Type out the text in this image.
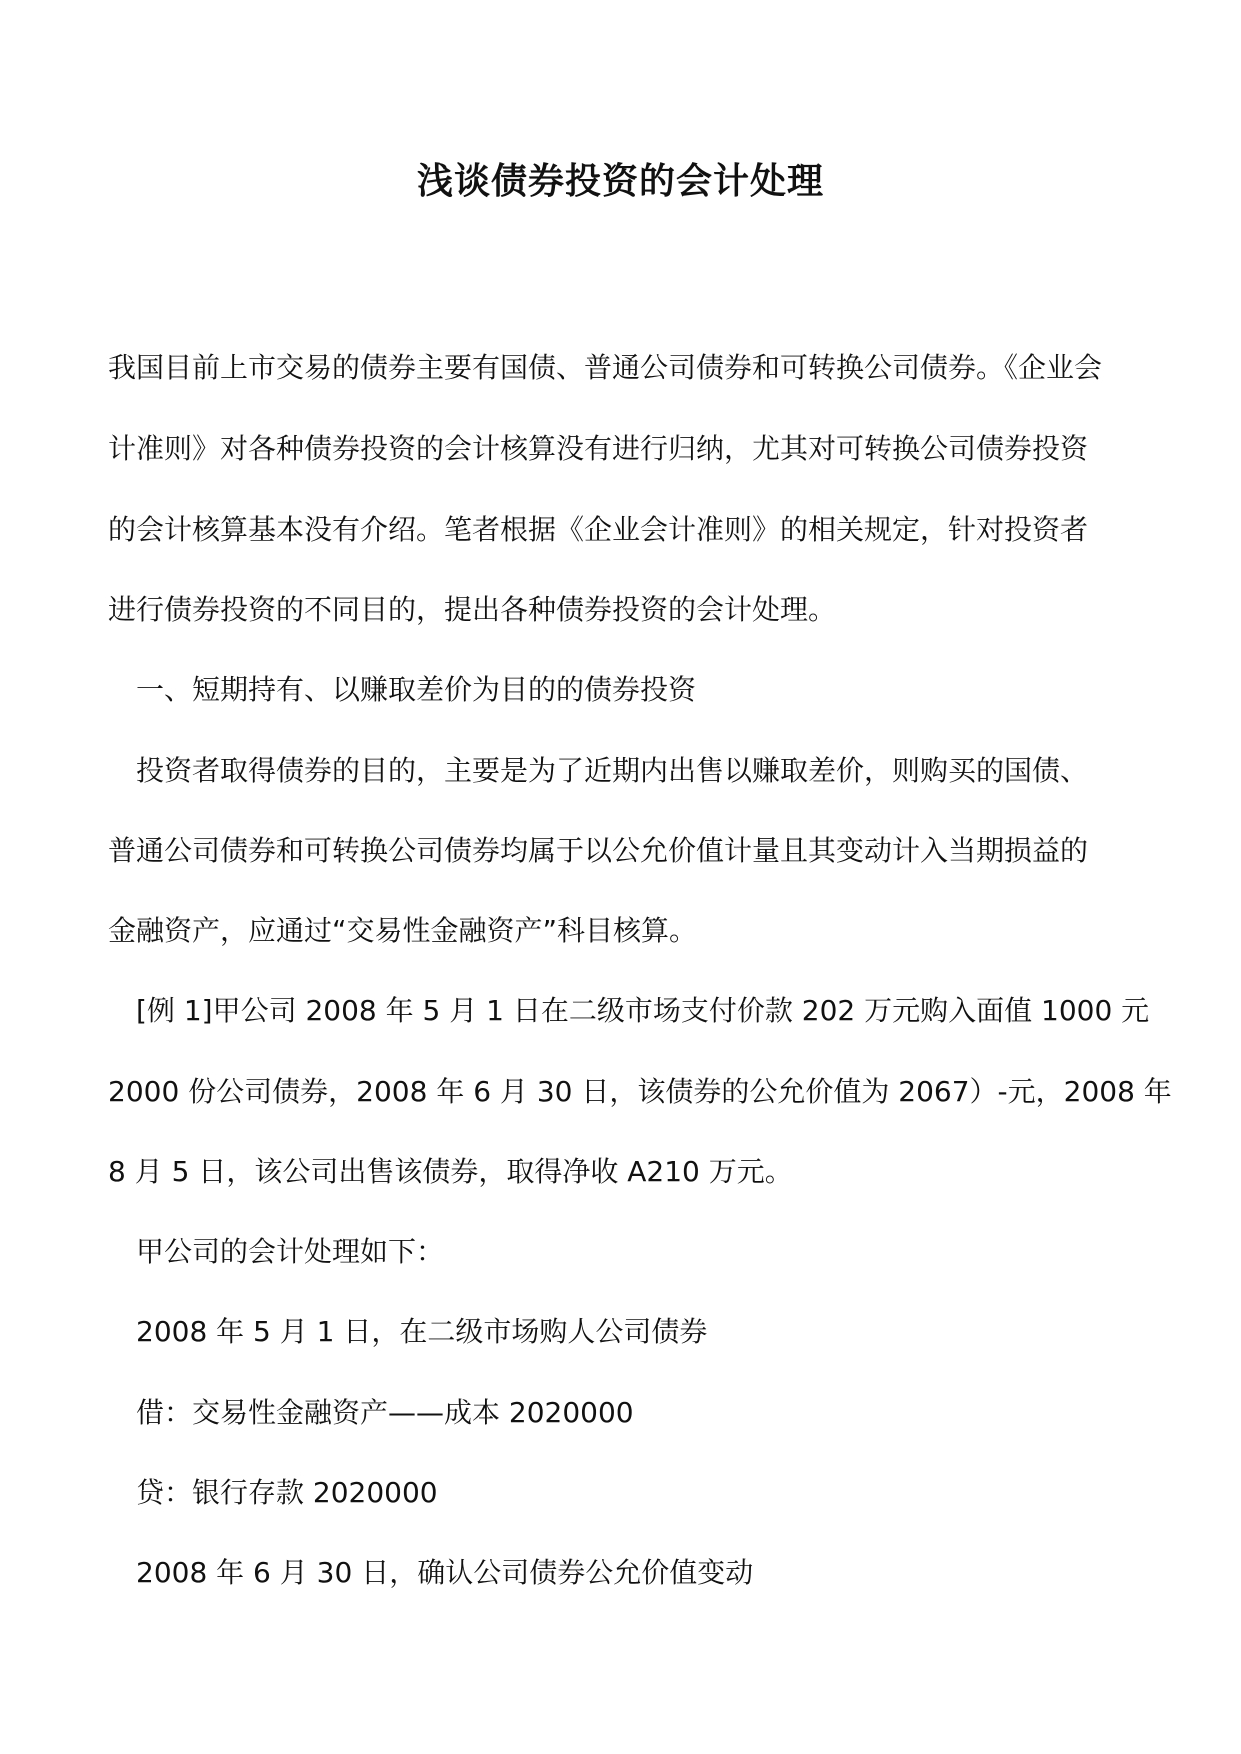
浅谈债券投资的会计处理

我国目前上市交易的债券主要有国债、普通公司债券和可转换公司债券。《企业会

计准则》对各种债券投资的会计核算没有进行归纳，尤其对可转换公司债券投资

的会计核算基本没有介绍。笔者根据《企业会计准则》的相关规定，针对投资者

进行债券投资的不同目的，提出各种债券投资的会计处理。

一、短期持有、以赚取差价为目的的债券投资

投资者取得债券的目的，主要是为了近期内出售以赚取差价，则购买的国债、

普通公司债券和可转换公司债券均属于以公允价值计量且其变动计入当期损益的

金融资产，应通过“交易性金融资产”科目核算。

[例 1]甲公司 2008 年 5 月 1 日在二级市场支付价款 202 万元购入面值 1000 元

2000 份公司债券，2008 年 6 月 30 日，该债券的公允价值为 2067）-元，2008 年

8 月 5 日，该公司出售该债券，取得净收 A210 万元。

甲公司的会计处理如下：

2008 年 5 月 1 日，在二级市场购人公司债券

借：交易性金融资产——成本 2020000

贷：银行存款 2020000

2008 年 6 月 30 日，确认公司债券公允价值变动
